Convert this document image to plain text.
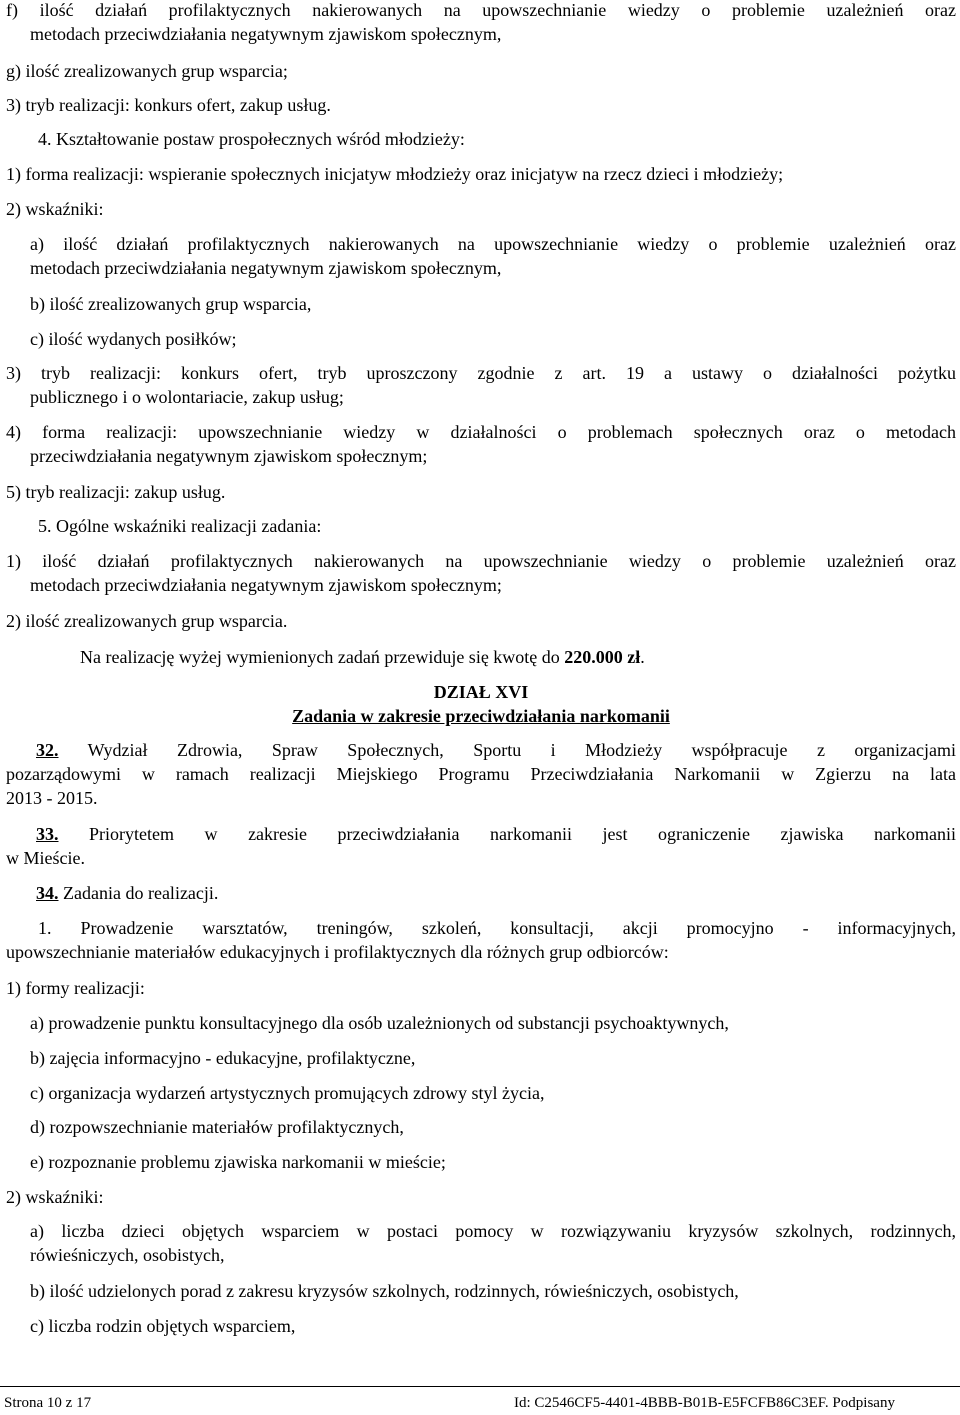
f) ilość działań profilaktycznych nakierowanych na upowszechnianie wiedzy o problemie uzależnień oraz
metodach przeciwdziałania negatywnym zjawiskom społecznym,
g) ilość zrealizowanych grup wsparcia;
3) tryb realizacji: konkurs ofert, zakup usług.
4. Kształtowanie postaw prospołecznych wśród młodzieży:
1) forma realizacji: wspieranie społecznych inicjatyw młodzieży oraz inicjatyw na rzecz dzieci i młodzieży;
2) wskaźniki:
a) ilość działań profilaktycznych nakierowanych na upowszechnianie wiedzy o problemie uzależnień oraz
metodach przeciwdziałania negatywnym zjawiskom społecznym,
b) ilość zrealizowanych grup wsparcia,
c) ilość wydanych posiłków;
3) tryb realizacji: konkurs ofert, tryb uproszczony zgodnie z art. 19 a ustawy o działalności pożytku
publicznego i o wolontariacie, zakup usług;
4) forma realizacji: upowszechnianie wiedzy w działalności o problemach społecznych oraz o metodach
przeciwdziałania negatywnym zjawiskom społecznym;
5) tryb realizacji: zakup usług.
5. Ogólne wskaźniki realizacji zadania:
1) ilość działań profilaktycznych nakierowanych na upowszechnianie wiedzy o problemie uzależnień oraz
metodach przeciwdziałania negatywnym zjawiskom społecznym;
2) ilość zrealizowanych grup wsparcia.
Na realizację wyżej wymienionych zadań przewiduje się kwotę do 220.000 zł.
DZIAŁ XVI
Zadania w zakresie przeciwdziałania narkomanii
32. Wydział Zdrowia, Spraw Społecznych, Sportu i Młodzieży współpracuje z organizacjami
pozarządowymi w ramach realizacji Miejskiego Programu Przeciwdziałania Narkomanii w Zgierzu na lata
2013 - 2015.
33. Priorytetem w zakresie przeciwdziałania narkomanii jest ograniczenie zjawiska narkomanii
w Mieście.
34. Zadania do realizacji.
1. Prowadzenie warsztatów, treningów, szkoleń, konsultacji, akcji promocyjno - informacyjnych,
upowszechnianie materiałów edukacyjnych i profilaktycznych dla różnych grup odbiorców:
1) formy realizacji:
a) prowadzenie punktu konsultacyjnego dla osób uzależnionych od substancji psychoaktywnych,
b) zajęcia informacyjno - edukacyjne, profilaktyczne,
c) organizacja wydarzeń artystycznych promujących zdrowy styl życia,
d) rozpowszechnianie materiałów profilaktycznych,
e) rozpoznanie problemu zjawiska narkomanii w mieście;
2) wskaźniki:
a) liczba dzieci objętych wsparciem w postaci pomocy w rozwiązywaniu kryzysów szkolnych, rodzinnych,
rówieśniczych, osobistych,
b) ilość udzielonych porad z zakresu kryzysów szkolnych, rodzinnych, rówieśniczych, osobistych,
c) liczba rodzin objętych wsparciem,
Strona 10 z 17	Id: C2546CF5-4401-4BBB-B01B-E5FCFB86C3EF. Podpisany
